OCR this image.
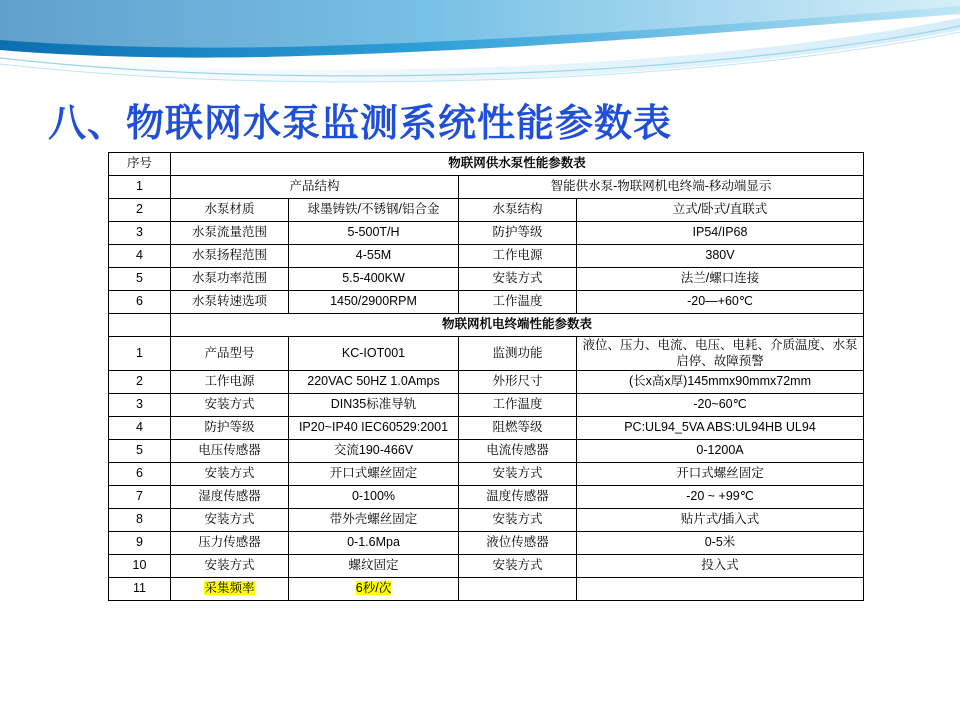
八、物联网水泵监测系统性能参数表
序号	物联网供水泵性能参数表			
1	产品结构		智能供水泵-物联网机电终端-移动端显示	
2	水泵材质	球墨铸铁/不锈钢/铝合金	水泵结构	立式/卧式/直联式
3	水泵流量范围	5-500T/H	防护等级	IP54/IP68
4	水泵扬程范围	4-55M	工作电源	380V
5	水泵功率范围	5.5-400KW	安装方式	法兰/螺口连接
6	水泵转速选项	1450/2900RPM	工作温度	-20—+60℃
	物联网机电终端性能参数表			
1	产品型号	KC-IOT001	监测功能	液位、压力、电流、电压、电耗、介质温度、水泵启停、故障预警
2	工作电源	220VAC 50HZ 1.0Amps	外形尺寸	(长x高x厚)145mmx90mmx72mm
3	安装方式	DIN35标准导轨	工作温度	-20~60℃
4	防护等级	IP20~IP40 IEC60529:2001	阻燃等级	PC:UL94_5VA ABS:UL94HB UL94
5	电压传感器	交流190-466V	电流传感器	0-1200A
6	安装方式	开口式螺丝固定	安装方式	开口式螺丝固定
7	湿度传感器	0-100%	温度传感器	-20 ~ +99℃
8	安装方式	带外壳螺丝固定	安装方式	贴片式/插入式
9	压力传感器	0-1.6Mpa	液位传感器	0-5米
10	安装方式	螺纹固定	安装方式	投入式
11	采集频率	6秒/次		
